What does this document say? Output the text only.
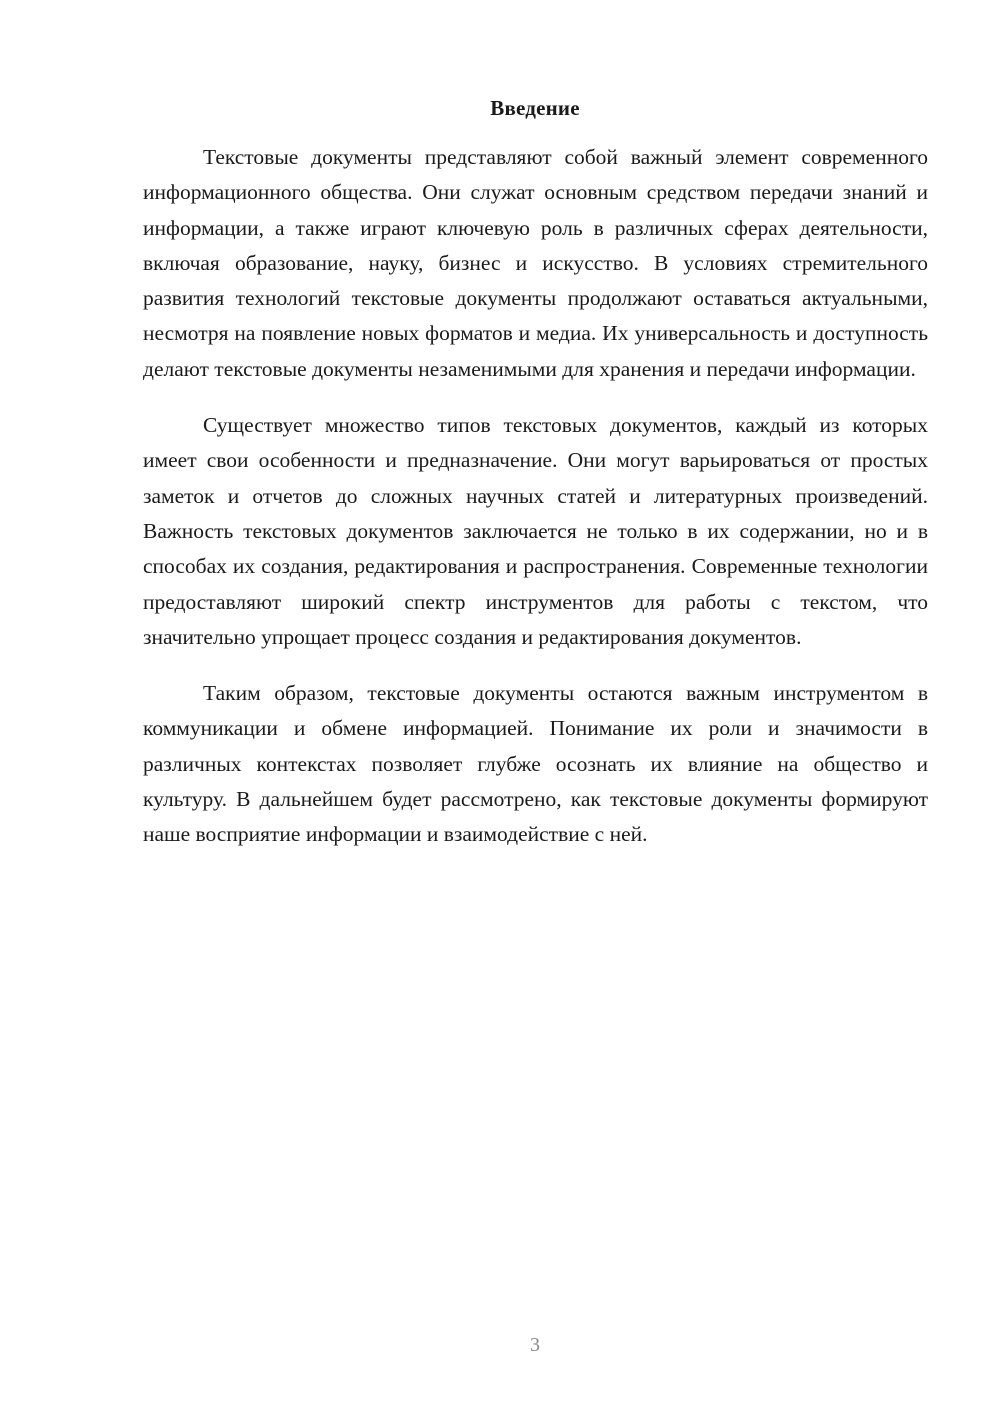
Введение

Текстовые документы представляют собой важный элемент современного информационного общества. Они служат основным средством передачи знаний и информации, а также играют ключевую роль в различных сферах деятельности, включая образование, науку, бизнес и искусство. В условиях стремительного развития технологий текстовые документы продолжают оставаться актуальными, несмотря на появление новых форматов и медиа. Их универсальность и доступность делают текстовые документы незаменимыми для хранения и передачи информации.

Существует множество типов текстовых документов, каждый из которых имеет свои особенности и предназначение. Они могут варьироваться от простых заметок и отчетов до сложных научных статей и литературных произведений. Важность текстовых документов заключается не только в их содержании, но и в способах их создания, редактирования и распространения. Современные технологии предоставляют широкий спектр инструментов для работы с текстом, что значительно упрощает процесс создания и редактирования документов.

Таким образом, текстовые документы остаются важным инструментом в коммуникации и обмене информацией. Понимание их роли и значимости в различных контекстах позволяет глубже осознать их влияние на общество и культуру. В дальнейшем будет рассмотрено, как текстовые документы формируют наше восприятие информации и взаимодействие с ней.

3
